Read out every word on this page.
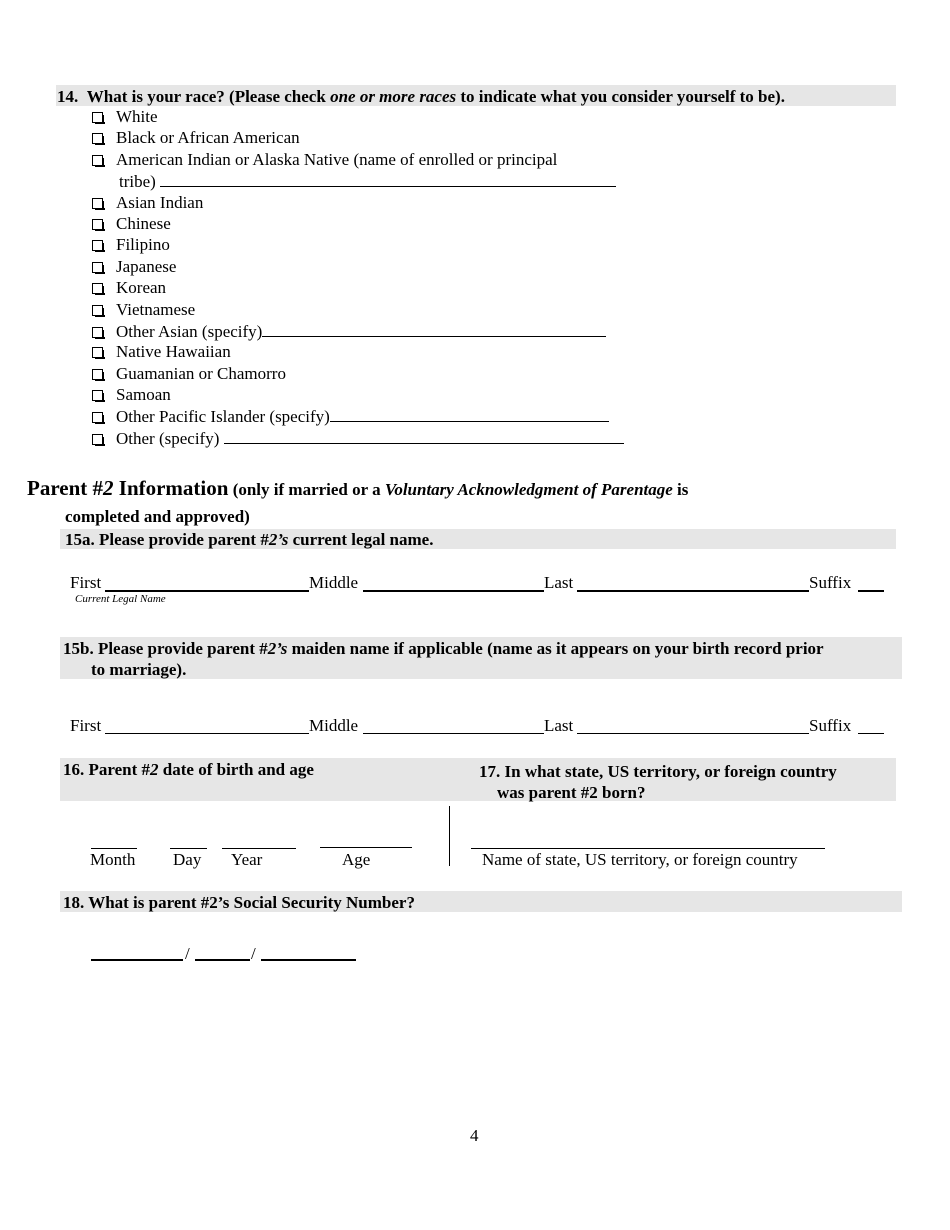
14. What is your race? (Please check one or more races to indicate what you consider yourself to be).
White
Black or African American
American Indian or Alaska Native (name of enrolled or principal
tribe)
Asian Indian
Chinese
Filipino
Japanese
Korean
Vietnamese
Other Asian (specify)
Native Hawaiian
Guamanian or Chamorro
Samoan
Other Pacific Islander (specify)
Other (specify)
Parent #2 Information (only if married or a Voluntary Acknowledgment of Parentage is
completed and approved)
15a. Please provide parent #2’s current legal name.
First	Middle	Last	Suffix
Current Legal Name
15b. Please provide parent #2’s maiden name if applicable (name as it appears on your birth record prior
to marriage).
First	Middle	Last	Suffix
16. Parent #2 date of birth and age	17. In what state, US territory, or foreign country
was parent #2 born?
Month Day Year	Age	Name of state, US territory, or foreign country
18. What is parent #2’s Social Security Number?
/	/
4
